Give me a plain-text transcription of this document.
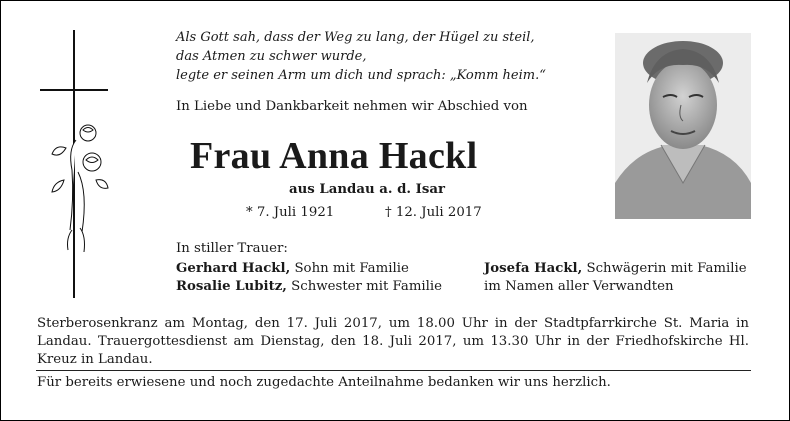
Als Gott sah, dass der Weg zu lang, der Hügel zu steil,
das Atmen zu schwer wurde,
legte er seinen Arm um dich und sprach: „Komm heim.“
In Liebe und Dankbarkeit nehmen wir Abschied von
Frau Anna Hackl
aus Landau a. d. Isar
* 7. Juli 1921	† 12. Juli 2017
In stiller Trauer:
Gerhard Hackl, Sohn mit Familie
Rosalie Lubitz, Schwester mit Familie
Josefa Hackl, Schwägerin mit Familie
im Namen aller Verwandten
Sterberosenkranz am Montag, den 17. Juli 2017, um 18.00 Uhr in der Stadtpfarrkirche St. Maria in Landau. Trauergottesdienst am Dienstag, den 18. Juli 2017, um 13.30 Uhr in der Friedhofskirche Hl. Kreuz in Landau.
Für bereits erwiesene und noch zugedachte Anteilnahme bedanken wir uns herzlich.
